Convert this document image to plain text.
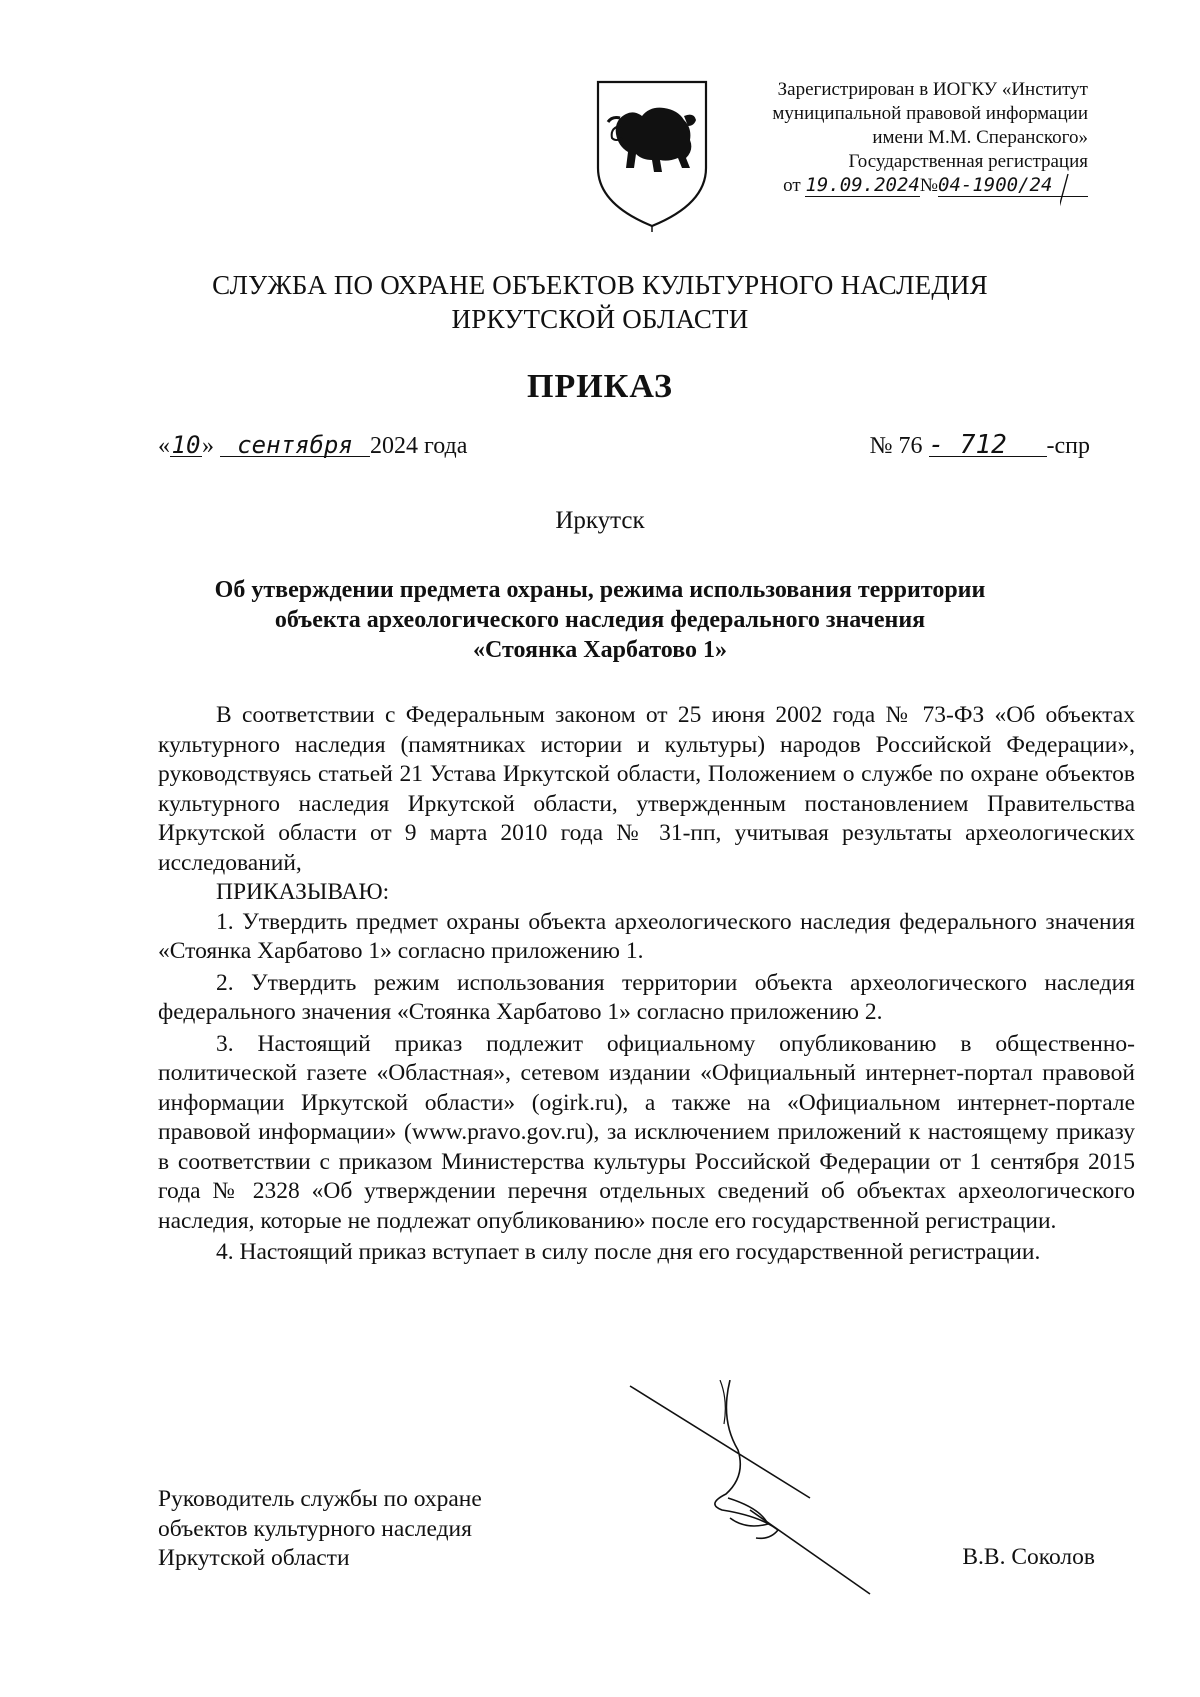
Зарегистрирован в ИОГКУ «Институт
муниципальной правовой информации
имени М.М. Сперанского»
Государственная регистрация
от 19.09.2024№04-1900/24
СЛУЖБА ПО ОХРАНЕ ОБЪЕКТОВ КУЛЬТУРНОГО НАСЛЕДИЯ
ИРКУТСКОЙ ОБЛАСТИ
ПРИКАЗ
«10» сентября 2024 года	№ 76 - 712 -спр
Иркутск
Об утверждении предмета охраны, режима использования территории
объекта археологического наследия федерального значения
«Стоянка Харбатово 1»

В соответствии с Федеральным законом от 25 июня 2002 года № 73-ФЗ «Об объектах культурного наследия (памятниках истории и культуры) народов Российской Федерации», руководствуясь статьей 21 Устава Иркутской области, Положением о службе по охране объектов культурного наследия Иркутской области, утвержденным постановлением Правительства Иркутской области от 9 марта 2010 года № 31-пп, учитывая результаты археологических исследований,

ПРИКАЗЫВАЮ:

1. Утвердить предмет охраны объекта археологического наследия федерального значения «Стоянка Харбатово 1» согласно приложению 1.

2. Утвердить режим использования территории объекта археологического наследия федерального значения «Стоянка Харбатово 1» согласно приложению 2.

3. Настоящий приказ подлежит официальному опубликованию в общественно-политической газете «Областная», сетевом издании «Официальный интернет-портал правовой информации Иркутской области» (ogirk.ru), а также на «Официальном интернет-портале правовой информации» (www.pravo.gov.ru), за исключением приложений к настоящему приказу в соответствии с приказом Министерства культуры Российской Федерации от 1 сентября 2015 года № 2328 «Об утверждении перечня отдельных сведений об объектах археологического наследия, которые не подлежат опубликованию» после его государственной регистрации.

4. Настоящий приказ вступает в силу после дня его государственной регистрации.

Руководитель службы по охране
объектов культурного наследия
Иркутской области	В.В. Соколов
